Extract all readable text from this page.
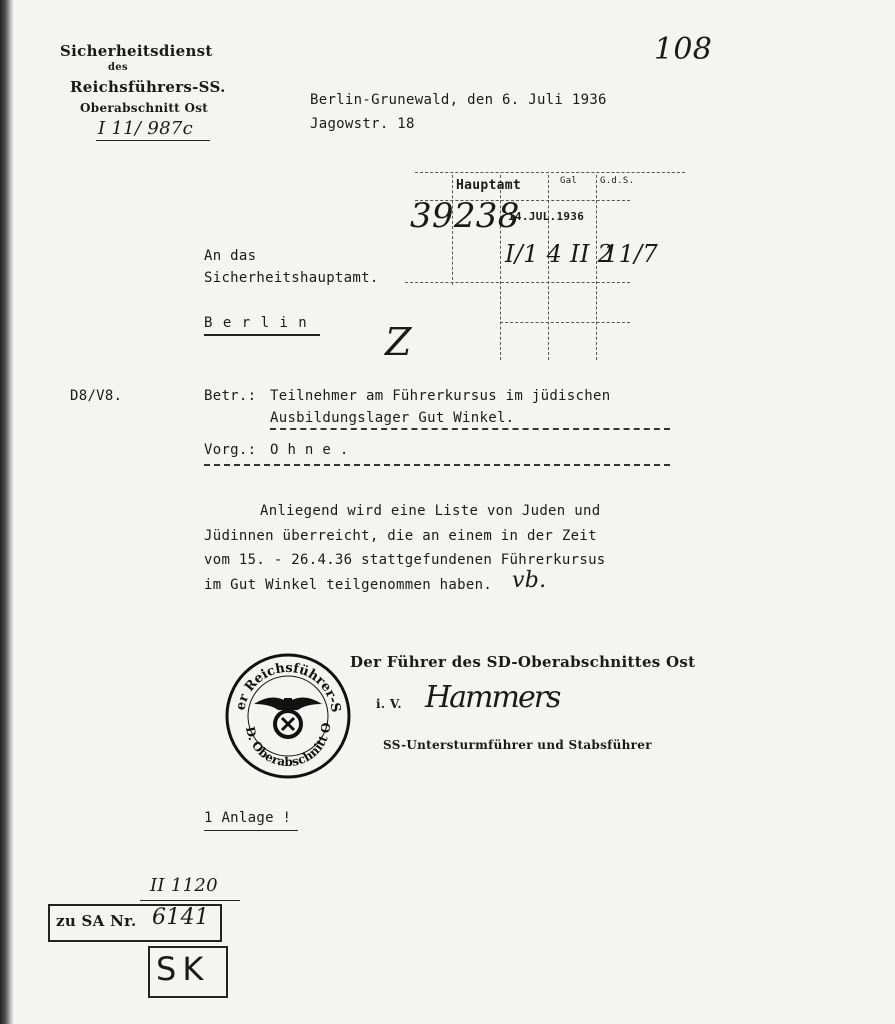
Sicherheitsdienst
des
Reichsführers-SS.
Oberabschnitt Ost
I 11/ 987c
108
Berlin-Grunewald, den 6. Juli 1936
Jagowstr. 18
Hauptamt	Gal	G.d.S.
39238
14.JUL.1936
I/1 4 II 2
11/7
An das
Sicherheitshauptamt.
B e r l i n Z
D8/V8.	Betr.: Teilnehmer am Führerkursus im jüdischen
Ausbildungslager Gut Winkel.
Vorg.: O h n e .
Anliegend wird eine Liste von Juden und
Jüdinnen überreicht, die an einem in der Zeit
vom 15. - 26.4.36 stattgefundenen Führerkursus
im Gut Winkel teilgenommen haben. vb.
Der Führer des SD-Oberabschnittes Ost
i. V. Hammers
SS-Untersturmführer und Stabsführer
er Reichsführer-S
D. Oberabschnitt O
1 Anlage !
II 1120
zu SA Nr. 6141
SK
